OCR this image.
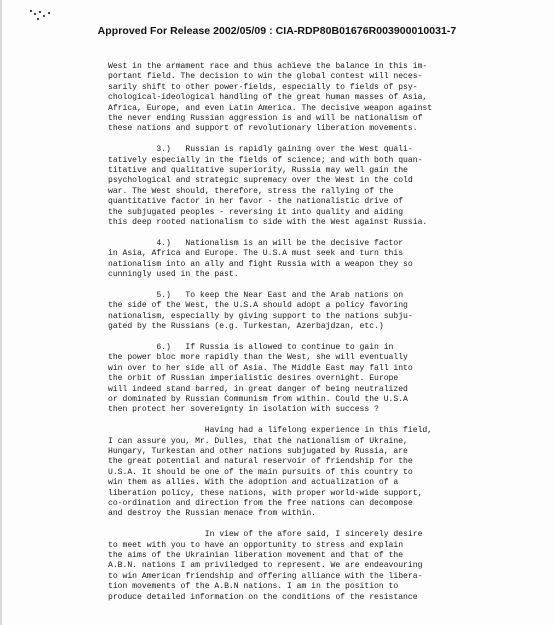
Approved For Release 2002/05/09 : CIA-RDP80B01676R003900010031-7
West in the armament race and thus achieve the balance in this im-
portant field. The decision to win the global contest will neces-
sarily shift to other power-fields, especially to fields of psy-
chological-ideological handling of the great human masses of Asia,
Africa, Europe, and even Latin America. The decisive weapon against
the never ending Russian aggression is and will be nationalism of
these nations and support of revolutionary liberation movements.
3.)   Russian is rapidly gaining over the West quali-
tatively especially in the fields of science; and with both quan-
titative and qualitative superiority, Russia may well gain the
psychological and strategic supremacy over the West in the cold
war. The West should, therefore, stress the rallying of the
quantitative factor in her favor - the nationalistic drive of
the subjugated peoples - reversing it into quality and aiding
this deep rooted nationalism to side with the West against Russia.
4.)   Nationalism is an will be the decisive factor
in Asia, Africa and Europe. The U.S.A must seek and turn this
nationalism into an ally and fight Russia with a weapon they so
cunningly used in the past.
5.)   To keep the Near East and the Arab nations on
the side of the West, the U.S.A should adopt a policy favoring
nationalism, especially by giving support to the nations subju-
gated by the Russians (e.g. Turkestan, Azerbajdzan, etc.)
6.)   If Russia is allowed to continue to gain in
the power bloc more rapidly than the West, she will eventually
win over to her side all of Asia. The Middle East may fall into
the orbit of Russian imperialistic desires overnight. Europe
will indeed stand barred, in great danger of being neutralized
or dominated by Russian Communism from within. Could the U.S.A
then protect her sovereignty in isolation with success ?
Having had a lifelong experience in this field,
I can assure you, Mr. Dulles, that the nationalism of Ukraine,
Hungary, Turkestan and other nations subjugated by Russia, are
the great potential and natural reservoir of friendship for the
U.S.A. It should be one of the main pursuits of this country to
win them as allies. With the adoption and actualization of a
liberation policy, these nations, with proper world-wide support,
co-ordination and direction from the free nations can decompose
and destroy the Russian menace from within.
In view of the afore said, I sincerely desire
to meet with you to have an opportunity to stress and explain
the aims of the Ukrainian liberation movement and that of the
A.B.N. nations I am priviledged to represent. We are endeavouring
to win American friendship and offering alliance with the libera-
tion movements of the A.B.N nations. I am in the position to
produce detailed information on the conditions of the resistance
